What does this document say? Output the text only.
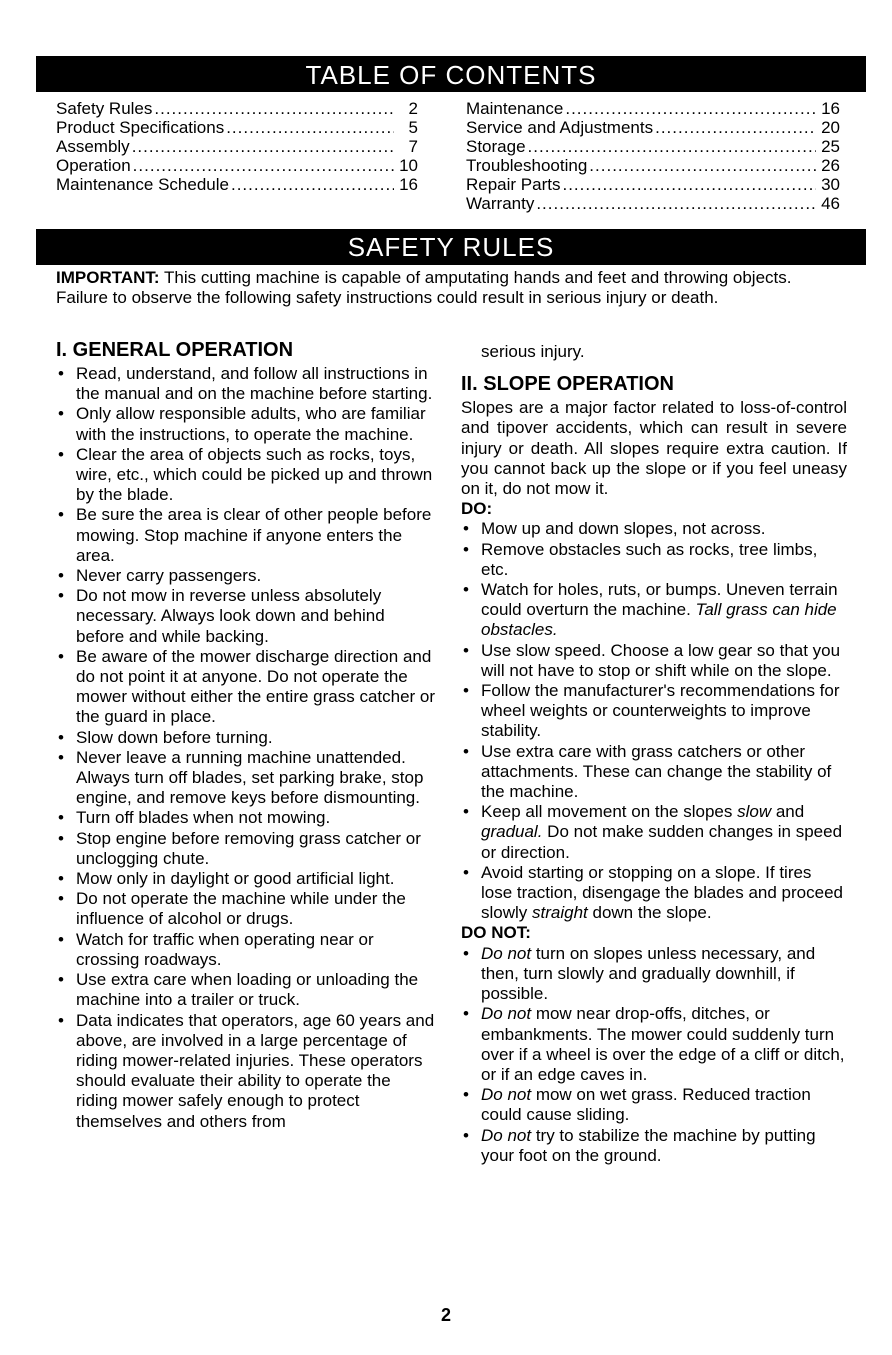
TABLE OF CONTENTS
Safety Rules .....	2
Product Specifications .....	5
Assembly .....	7
Operation .....	10
Maintenance Schedule .....	16
Maintenance .....	16
Service and Adjustments .....	20
Storage .....	25
Troubleshooting .....	26
Repair Parts .....	30
Warranty .....	46
SAFETY RULES
IMPORTANT: This cutting machine is capable of amputating hands and feet and throwing objects. Failure to observe the following safety instructions could result in serious injury or death.
I. GENERAL OPERATION
• Read, understand, and follow all instructions in the manual and on the machine before starting.
• Only allow responsible adults, who are familiar with the instructions, to operate the machine.
• Clear the area of objects such as rocks, toys, wire, etc., which could be picked up and thrown by the blade.
• Be sure the area is clear of other people before mowing. Stop machine if anyone enters the area.
• Never carry passengers.
• Do not mow in reverse unless absolutely necessary. Always look down and behind before and while backing.
• Be aware of the mower discharge direction and do not point it at anyone. Do not operate the mower without either the entire grass catcher or the guard in place.
• Slow down before turning.
• Never leave a running machine unattended. Always turn off blades, set parking brake, stop engine, and remove keys before dismounting.
• Turn off blades when not mowing.
• Stop engine before removing grass catcher or unclogging chute.
• Mow only in daylight or good artificial light.
• Do not operate the machine while under the influence of alcohol or drugs.
• Watch for traffic when operating near or crossing roadways.
• Use extra care when loading or unloading the machine into a trailer or truck.
• Data indicates that operators, age 60 years and above, are involved in a large percentage of riding mower-related injuries. These operators should evaluate their ability to operate the riding mower safely enough to protect themselves and others from
serious injury.
II. SLOPE OPERATION
Slopes are a major factor related to loss-of-control and tipover accidents, which can result in severe injury or death. All slopes require extra caution. If you cannot back up the slope or if you feel uneasy on it, do not mow it.
DO:
• Mow up and down slopes, not across.
• Remove obstacles such as rocks, tree limbs, etc.
• Watch for holes, ruts, or bumps. Uneven terrain could overturn the machine. Tall grass can hide obstacles.
• Use slow speed. Choose a low gear so that you will not have to stop or shift while on the slope.
• Follow the manufacturer's recommendations for wheel weights or counterweights to improve stability.
• Use extra care with grass catchers or other attachments. These can change the stability of the machine.
• Keep all movement on the slopes slow and gradual. Do not make sudden changes in speed or direction.
• Avoid starting or stopping on a slope. If tires lose traction, disengage the blades and proceed slowly straight down the slope.
DO NOT:
• Do not turn on slopes unless necessary, and then, turn slowly and gradually downhill, if possible.
• Do not mow near drop-offs, ditches, or embankments. The mower could suddenly turn over if a wheel is over the edge of a cliff or ditch, or if an edge caves in.
• Do not mow on wet grass. Reduced traction could cause sliding.
• Do not try to stabilize the machine by putting your foot on the ground.
2
